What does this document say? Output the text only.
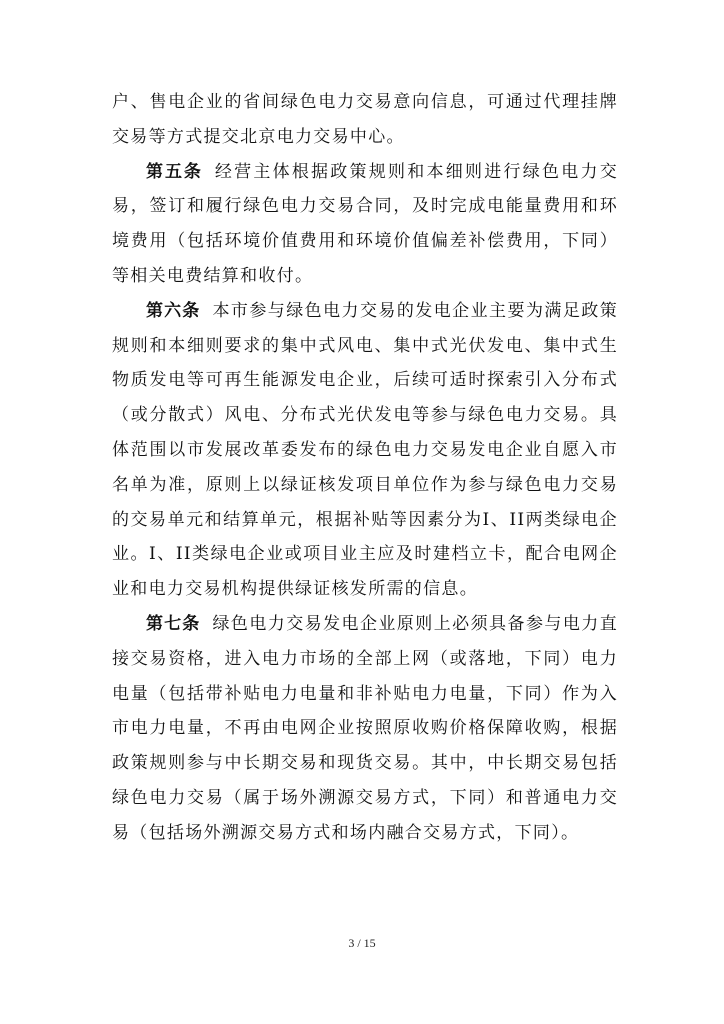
户、售电企业的省间绿色电力交易意向信息，可通过代理挂牌交易等方式提交北京电力交易中心。

第五条 经营主体根据政策规则和本细则进行绿色电力交易，签订和履行绿色电力交易合同，及时完成电能量费用和环境费用（包括环境价值费用和环境价值偏差补偿费用，下同）等相关电费结算和收付。

第六条 本市参与绿色电力交易的发电企业主要为满足政策规则和本细则要求的集中式风电、集中式光伏发电、集中式生物质发电等可再生能源发电企业，后续可适时探索引入分布式（或分散式）风电、分布式光伏发电等参与绿色电力交易。具体范围以市发展改革委发布的绿色电力交易发电企业自愿入市名单为准，原则上以绿证核发项目单位作为参与绿色电力交易的交易单元和结算单元，根据补贴等因素分为I、II两类绿电企业。I、II类绿电企业或项目业主应及时建档立卡，配合电网企业和电力交易机构提供绿证核发所需的信息。

第七条 绿色电力交易发电企业原则上必须具备参与电力直接交易资格，进入电力市场的全部上网（或落地，下同）电力电量（包括带补贴电力电量和非补贴电力电量，下同）作为入市电力电量，不再由电网企业按照原收购价格保障收购，根据政策规则参与中长期交易和现货交易。其中，中长期交易包括绿色电力交易（属于场外溯源交易方式，下同）和普通电力交易（包括场外溯源交易方式和场内融合交易方式，下同）。

3 / 15
